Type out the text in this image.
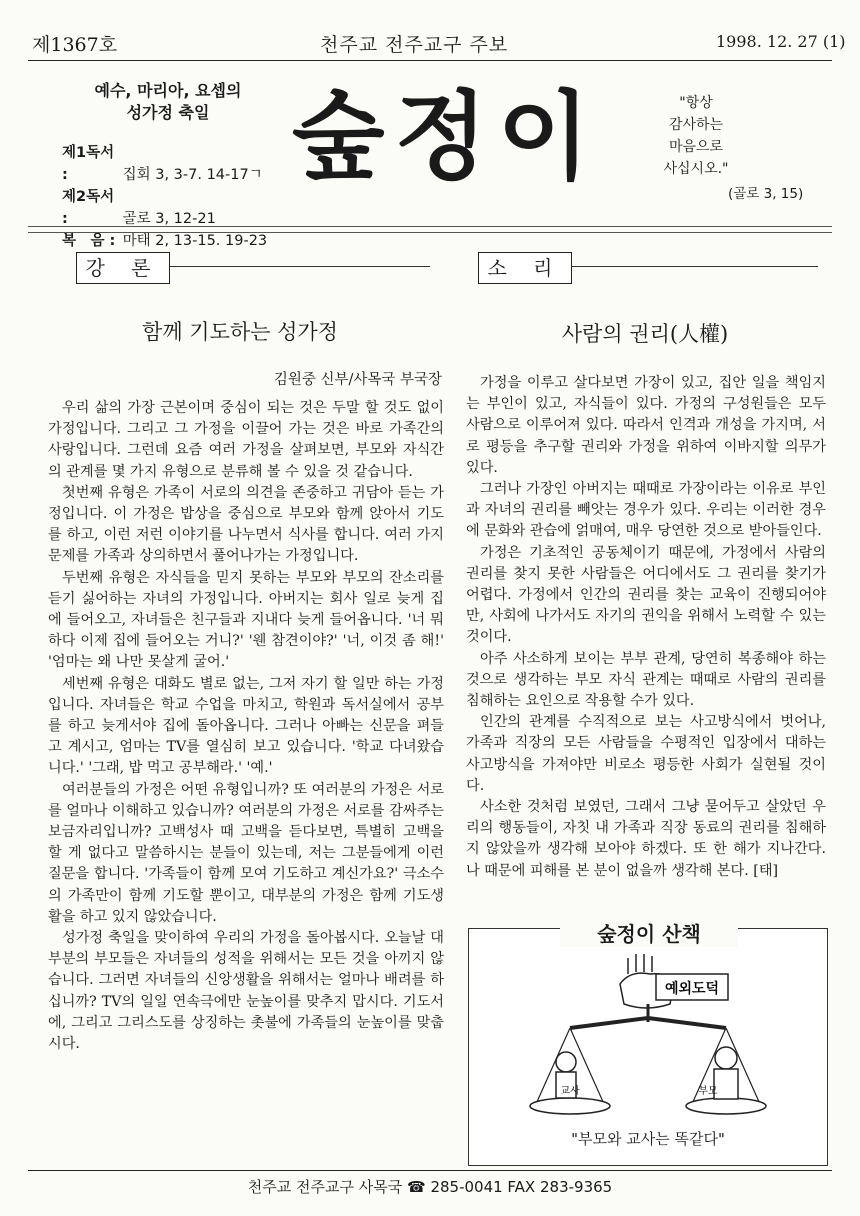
제1367호	천주교 전주교구 주보	1998. 12. 27 (1)
예수, 마리아, 요셉의
성가정 축일
제1독서 :	집회 3, 3-7. 14-17ㄱ
제2독서 :	골로 3, 12-21
복　음 : 마태 2, 13-15. 19-23
숲정이	"항상
감사하는
마음으로
사십시오."
(골로 3, 15)
강 론
함께 기도하는 성가정
김원중 신부/사목국 부국장

우리 삶의 가장 근본이며 중심이 되는 것은 두말 할 것도 없이 가정입니다. 그리고 그 가정을 이끌어 가는 것은 바로 가족간의 사랑입니다. 그런데 요즘 여러 가정을 살펴보면, 부모와 자식간의 관계를 몇 가지 유형으로 분류해 볼 수 있을 것 같습니다.

첫번째 유형은 가족이 서로의 의견을 존중하고 귀담아 듣는 가정입니다. 이 가정은 밥상을 중심으로 부모와 함께 앉아서 기도를 하고, 이런 저런 이야기를 나누면서 식사를 합니다. 여러 가지 문제를 가족과 상의하면서 풀어나가는 가정입니다.

두번째 유형은 자식들을 믿지 못하는 부모와 부모의 잔소리를 듣기 싫어하는 자녀의 가정입니다. 아버지는 회사 일로 늦게 집에 들어오고, 자녀들은 친구들과 지내다 늦게 들어옵니다. '너 뭐하다 이제 집에 들어오는 거니?' '웬 참견이야?' '너, 이것 좀 해!' '엄마는 왜 나만 못살게 굴어.'

세번째 유형은 대화도 별로 없는, 그저 자기 할 일만 하는 가정입니다. 자녀들은 학교 수업을 마치고, 학원과 독서실에서 공부를 하고 늦게서야 집에 돌아옵니다. 그러나 아빠는 신문을 펴들고 계시고, 엄마는 TV를 열심히 보고 있습니다. '학교 다녀왔습니다.' '그래, 밥 먹고 공부해라.' '예.'

여러분들의 가정은 어떤 유형입니까? 또 여러분의 가정은 서로를 얼마나 이해하고 있습니까? 여러분의 가정은 서로를 감싸주는 보금자리입니까? 고백성사 때 고백을 듣다보면, 특별히 고백을 할 게 없다고 말씀하시는 분들이 있는데, 저는 그분들에게 이런 질문을 합니다. '가족들이 함께 모여 기도하고 계신가요?' 극소수의 가족만이 함께 기도할 뿐이고, 대부분의 가정은 함께 기도생활을 하고 있지 않았습니다.

성가정 축일을 맞이하여 우리의 가정을 돌아봅시다. 오늘날 대부분의 부모들은 자녀들의 성적을 위해서는 모든 것을 아끼지 않습니다. 그러면 자녀들의 신앙생활을 위해서는 얼마나 배려를 하십니까? TV의 일일 연속극에만 눈높이를 맞추지 맙시다. 기도서에, 그리고 그리스도를 상징하는 촛불에 가족들의 눈높이를 맞춥시다.

소 리
사람의 권리(人權)

가정을 이루고 살다보면 가장이 있고, 집안 일을 책임지는 부인이 있고, 자식들이 있다. 가정의 구성원들은 모두 사람으로 이루어져 있다. 따라서 인격과 개성을 가지며, 서로 평등을 추구할 권리와 가정을 위하여 이바지할 의무가 있다.

그러나 가장인 아버지는 때때로 가장이라는 이유로 부인과 자녀의 권리를 빼앗는 경우가 있다. 우리는 이러한 경우에 문화와 관습에 얽매여, 매우 당연한 것으로 받아들인다.

가정은 기초적인 공동체이기 때문에, 가정에서 사람의 권리를 찾지 못한 사람들은 어디에서도 그 권리를 찾기가 어렵다. 가정에서 인간의 권리를 찾는 교육이 진행되어야만, 사회에 나가서도 자기의 권익을 위해서 노력할 수 있는 것이다.

아주 사소하게 보이는 부부 관계, 당연히 복종해야 하는 것으로 생각하는 부모 자식 관계는 때때로 사람의 권리를 침해하는 요인으로 작용할 수가 있다.

인간의 관계를 수직적으로 보는 사고방식에서 벗어나, 가족과 직장의 모든 사람들을 수평적인 입장에서 대하는 사고방식을 가져야만 비로소 평등한 사회가 실현될 것이다.

사소한 것처럼 보였던, 그래서 그냥 묻어두고 살았던 우리의 행동들이, 자칫 내 가족과 직장 동료의 권리를 침해하지 않았을까 생각해 보아야 하겠다. 또 한 해가 지나간다. 나 때문에 피해를 본 분이 없을까 생각해 본다. [태]

숲정이 산책
예외도덕
교사	부모
"부모와 교사는 똑같다"
천주교 전주교구 사목국 ☎ 285-0041 FAX 283-9365
